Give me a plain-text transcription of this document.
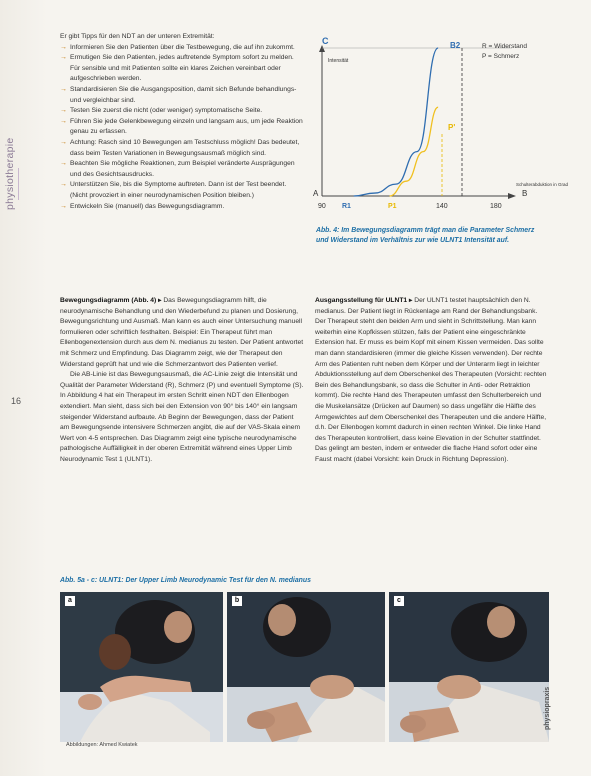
physiotherapie
16

Er gibt Tipps für den NDT an der unteren Extremität:

→ Informieren Sie den Patienten über die Testbewegung, die auf ihn zukommt.

→ Ermutigen Sie den Patienten, jedes auftretende Symptom sofort zu melden. Für sensible und mit Patienten sollte ein klares Zeichen vereinbart oder aufgeschrieben werden.

→ Standardisieren Sie die Ausgangsposition, damit sich Befunde behandlungs- und vergleichbar sind.

→ Testen Sie zuerst die nicht (oder weniger) symptomatische Seite.

→ Führen Sie jede Gelenkbewegung einzeln und langsam aus, um jede Reaktion genau zu erfassen.

→ Achtung: Rasch sind 10 Bewegungen am Testschluss möglich! Das bedeutet, dass beim Testen Variationen in Bewegungsausmaß möglich sind.

→ Beachten Sie mögliche Reaktionen, zum Beispiel veränderte Ausprägungen und des Gesichtsausdrucks.

→ Unterstützen Sie, bis die Symptome auftreten. Dann ist der Test beendet. (Nicht provoziert in einer neurodynamischen Position bleiben.)

→ Entwickeln Sie (manuell) das Bewegungsdiagramm.

C
Intensität
B2	R = Widerstand
P = Schmerz
P'
A	B
Schulterabduktion in Grad
90 R1	P1	140	180
Abb. 4: Im Bewegungsdiagramm trägt man die Parameter Schmerz und Widerstand im Verhältnis zur wie ULNT1 Intensität auf.

Bewegungsdiagramm (Abb. 4) ▸ Das Bewegungsdiagramm hilft, die neurodynamische Behandlung und den Wiederbefund zu planen und Dosierung, Bewegungsrichtung und Ausmaß. Man kann es auch einer Untersuchung manuell formulieren oder schriftlich festhalten. Beispiel: Ein Therapeut führt man Ellenbogenextension durch aus dem N. medianus zu testen. Der Patient antwortet mit Schmerz und Empfindung. Das Diagramm zeigt, wie der Therapeut den Widerstand geprüft hat und wie die Schmerzantwort des Patienten verlief.

Die AB-Linie ist das Bewegungsausmaß, die AC-Linie zeigt die Intensität und Qualität der Parameter Widerstand (R), Schmerz (P) und eventuell Symptome (S). In Abbildung 4 hat ein Therapeut im ersten Schritt einen NDT den Ellenbogen extendiert. Man sieht, dass sich bei den Extension von 90° bis 140° ein langsam steigender Widerstand aufbaute. Ab Beginn der Bewegungen, dass der Patient am Bewegungsende intensivere Schmerzen angibt, die auf der VAS-Skala einem Wert von 4-5 entsprechen. Das Diagramm zeigt eine typische neurodynamische pathologische Auffälligkeit in der oberen Extremität während eines Upper Limb Neurodynamic Test 1 (ULNT1).

Ausgangsstellung für ULNT1 ▸ Der ULNT1 testet hauptsächlich den N. medianus. Der Patient liegt in Rückenlage am Rand der Behandlungsbank. Der Therapeut steht den beiden Arm und sieht in Schrittstellung. Man kann weiterhin eine Kopfkissen stützen, falls der Patient eine eingeschränkte Extension hat. Er muss es beim Kopf mit einem Kissen vermeiden. Das sollte man dann standardisieren (immer die gleiche Kissen verwenden). Der rechte Arm des Patienten ruht neben dem Körper und der Unterarm liegt in leichter Abduktionsstellung auf dem Oberschenkel des Therapeuten (Vorsicht: rechten Bein des Behandlungsbank, so dass die Schulter in Anti- oder Retraktion kommt). Die rechte Hand des Therapeuten umfasst den Schulterbereich und die Muskelansätze (Drücken auf Daumen) so dass ungefähr die Hälfte des Armgewichtes auf dem Oberschenkel des Therapeuten und die andere Hälfte, d.h. Der Ellenbogen kommt dadurch in einen rechten Winkel. Die linke Hand des Therapeuten kontrolliert, dass keine Elevation in der Schulter stattfindet. Das gelingt am besten, indem er entweder die flache Hand sofort oder eine Faust macht (dabei Vorsicht: kein Druck in Richtung Depression).

Abb. 5a - c: ULNT1: Der Upper Limb Neurodynamic Test für den N. medianus
a	b	c
Abbildungen: Ahmed Kwiatek
physiopraxis
